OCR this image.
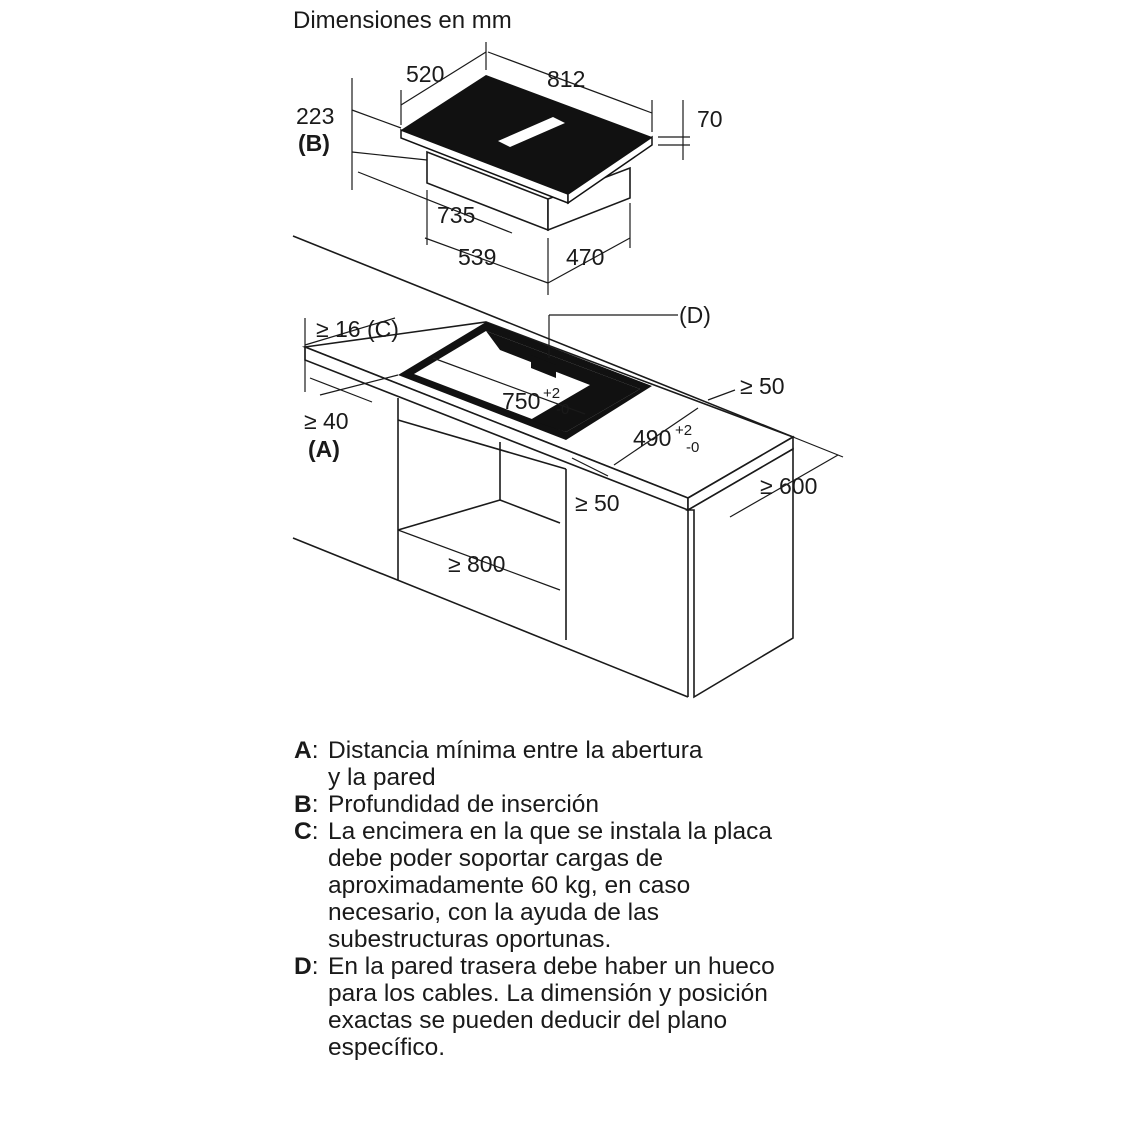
Dimensiones en mm
520	812
70
223
(B)
735
539	470
(D)
≥ 16 (C)
≥ 40
(A)
750 +2
-0
490 +2
-0
≥ 50
≥ 50
≥ 600
≥ 800
A: Distancia mínima entre la abertura
y la pared
B: Profundidad de inserción
C: La encimera en la que se instala la placa
debe poder soportar cargas de
aproximadamente 60 kg, en caso
necesario, con la ayuda de las
subestructuras oportunas.
D: En la pared trasera debe haber un hueco
para los cables. La dimensión y posición
exactas se pueden deducir del plano
específico.
